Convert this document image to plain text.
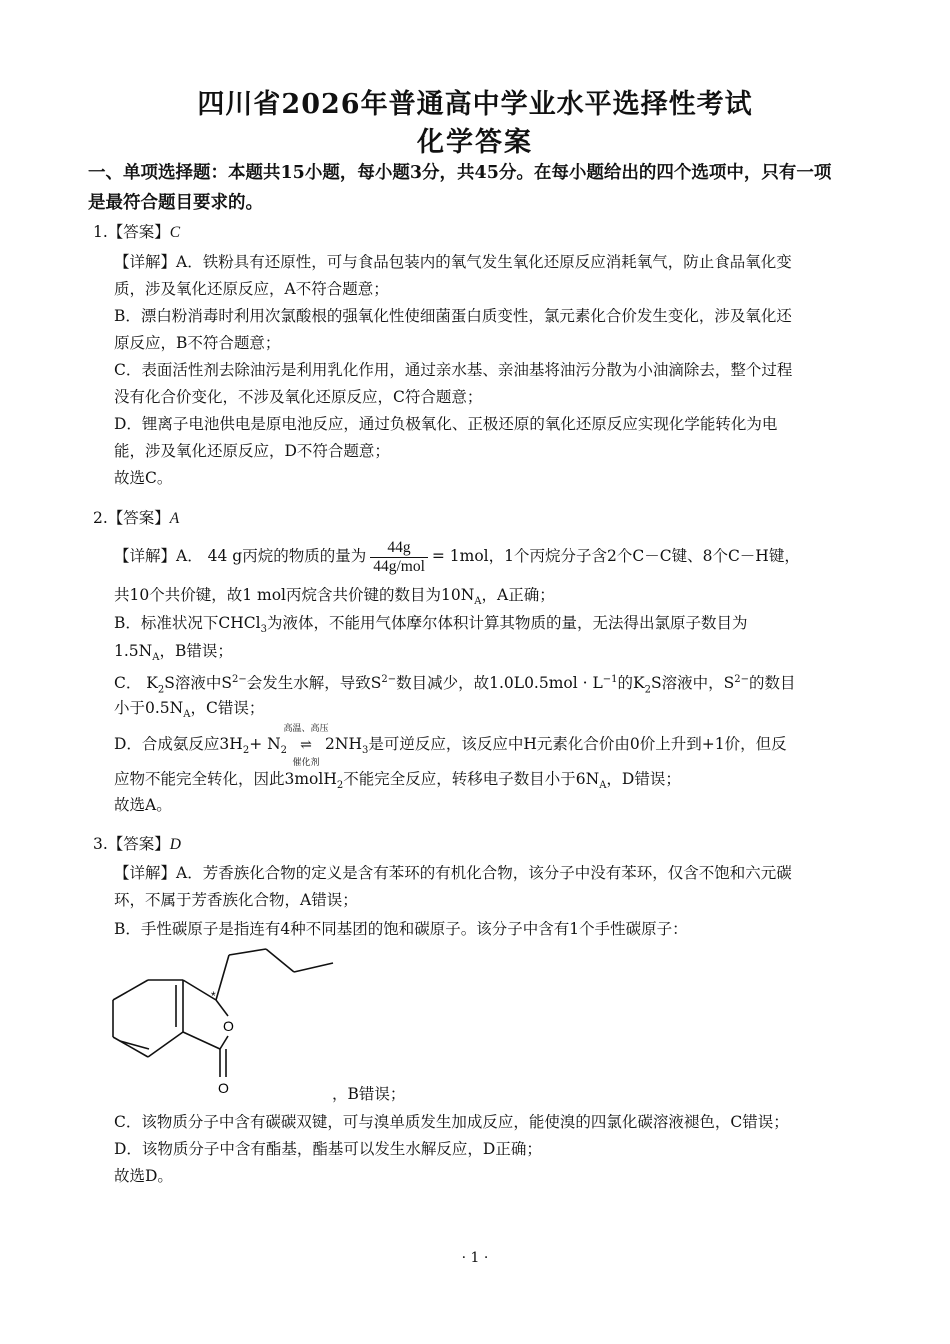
四川省2026年普通高中学业水平选择性考试
化学答案
一、单项选择题：本题共15小题，每小题3分，共45分。在每小题给出的四个选项中，只有一项
是最符合题目要求的。
1.【答案】C
【详解】A．铁粉具有还原性，可与食品包装内的氧气发生氧化还原反应消耗氧气，防止食品氧化变
质，涉及氧化还原反应，A不符合题意；
B．漂白粉消毒时利用次氯酸根的强氧化性使细菌蛋白质变性，氯元素化合价发生变化，涉及氧化还
原反应，B不符合题意；
C．表面活性剂去除油污是利用乳化作用，通过亲水基、亲油基将油污分散为小油滴除去，整个过程
没有化合价变化，不涉及氧化还原反应，C符合题意；
D．锂离子电池供电是原电池反应，通过负极氧化、正极还原的氧化还原反应实现化学能转化为电
能，涉及氧化还原反应，D不符合题意；
故选C。
2.【答案】A
【详解】A． 44 g丙烷的物质的量为 $\frac{44g}{\text{44g/mol}} = 1mol$，1个丙烷分子含2个C－C键、8个C－H键，
共10个共价键，故1 mol丙烷含共价键的数目为$10N_A$，A正确；
B．标准状况下CHCl$_3$为液体，不能用气体摩尔体积计算其物质的量，无法得出氯原子数目为
$1.5N_A$，B错误；
C． $K_2S$溶液中$S^{2-}$会发生水解，导致$S^{2-}$数目减少，故$1.0L0.5mol \cdot L^{-1}$的$K_2S$溶液中，$S^{2-}$的数目
小于$0.5N_A$，C错误；
D．合成氨反应$3H_2+ N_2$
高温、高压
⇌
催化剂
$2NH_3$是可逆反应，该反应中H元素化合价由0价上升到+1价，但反
应物不能完全转化，因此3molH$_2$不能完全反应，转移电子数目小于$6N_A$，D错误；
故选A。
3.【答案】D
【详解】A．芳香族化合物的定义是含有苯环的有机化合物，该分子中没有苯环，仅含不饱和六元碳
环，不属于芳香族化合物，A错误；
B．手性碳原子是指连有4种不同基团的饱和碳原子。该分子中含有1个手性碳原子：
O
O
*
，B错误；
C．该物质分子中含有碳碳双键，可与溴单质发生加成反应，能使溴的四氯化碳溶液褪色，C错误；
D．该物质分子中含有酯基，酯基可以发生水解反应，D正确；
故选D。
· 1 ·
